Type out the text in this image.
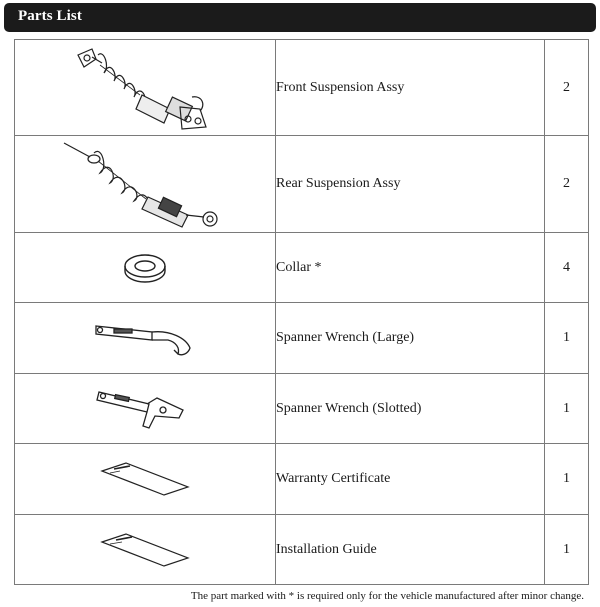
Parts List
	Front Suspension Assy	2

	Rear Suspension Assy	2

	Collar *	4

	Spanner Wrench (Large)	1

	Spanner Wrench (Slotted)	1

	Warranty Certificate	1

	Installation Guide	1
The part marked with * is required only for the vehicle manufactured after minor change.
